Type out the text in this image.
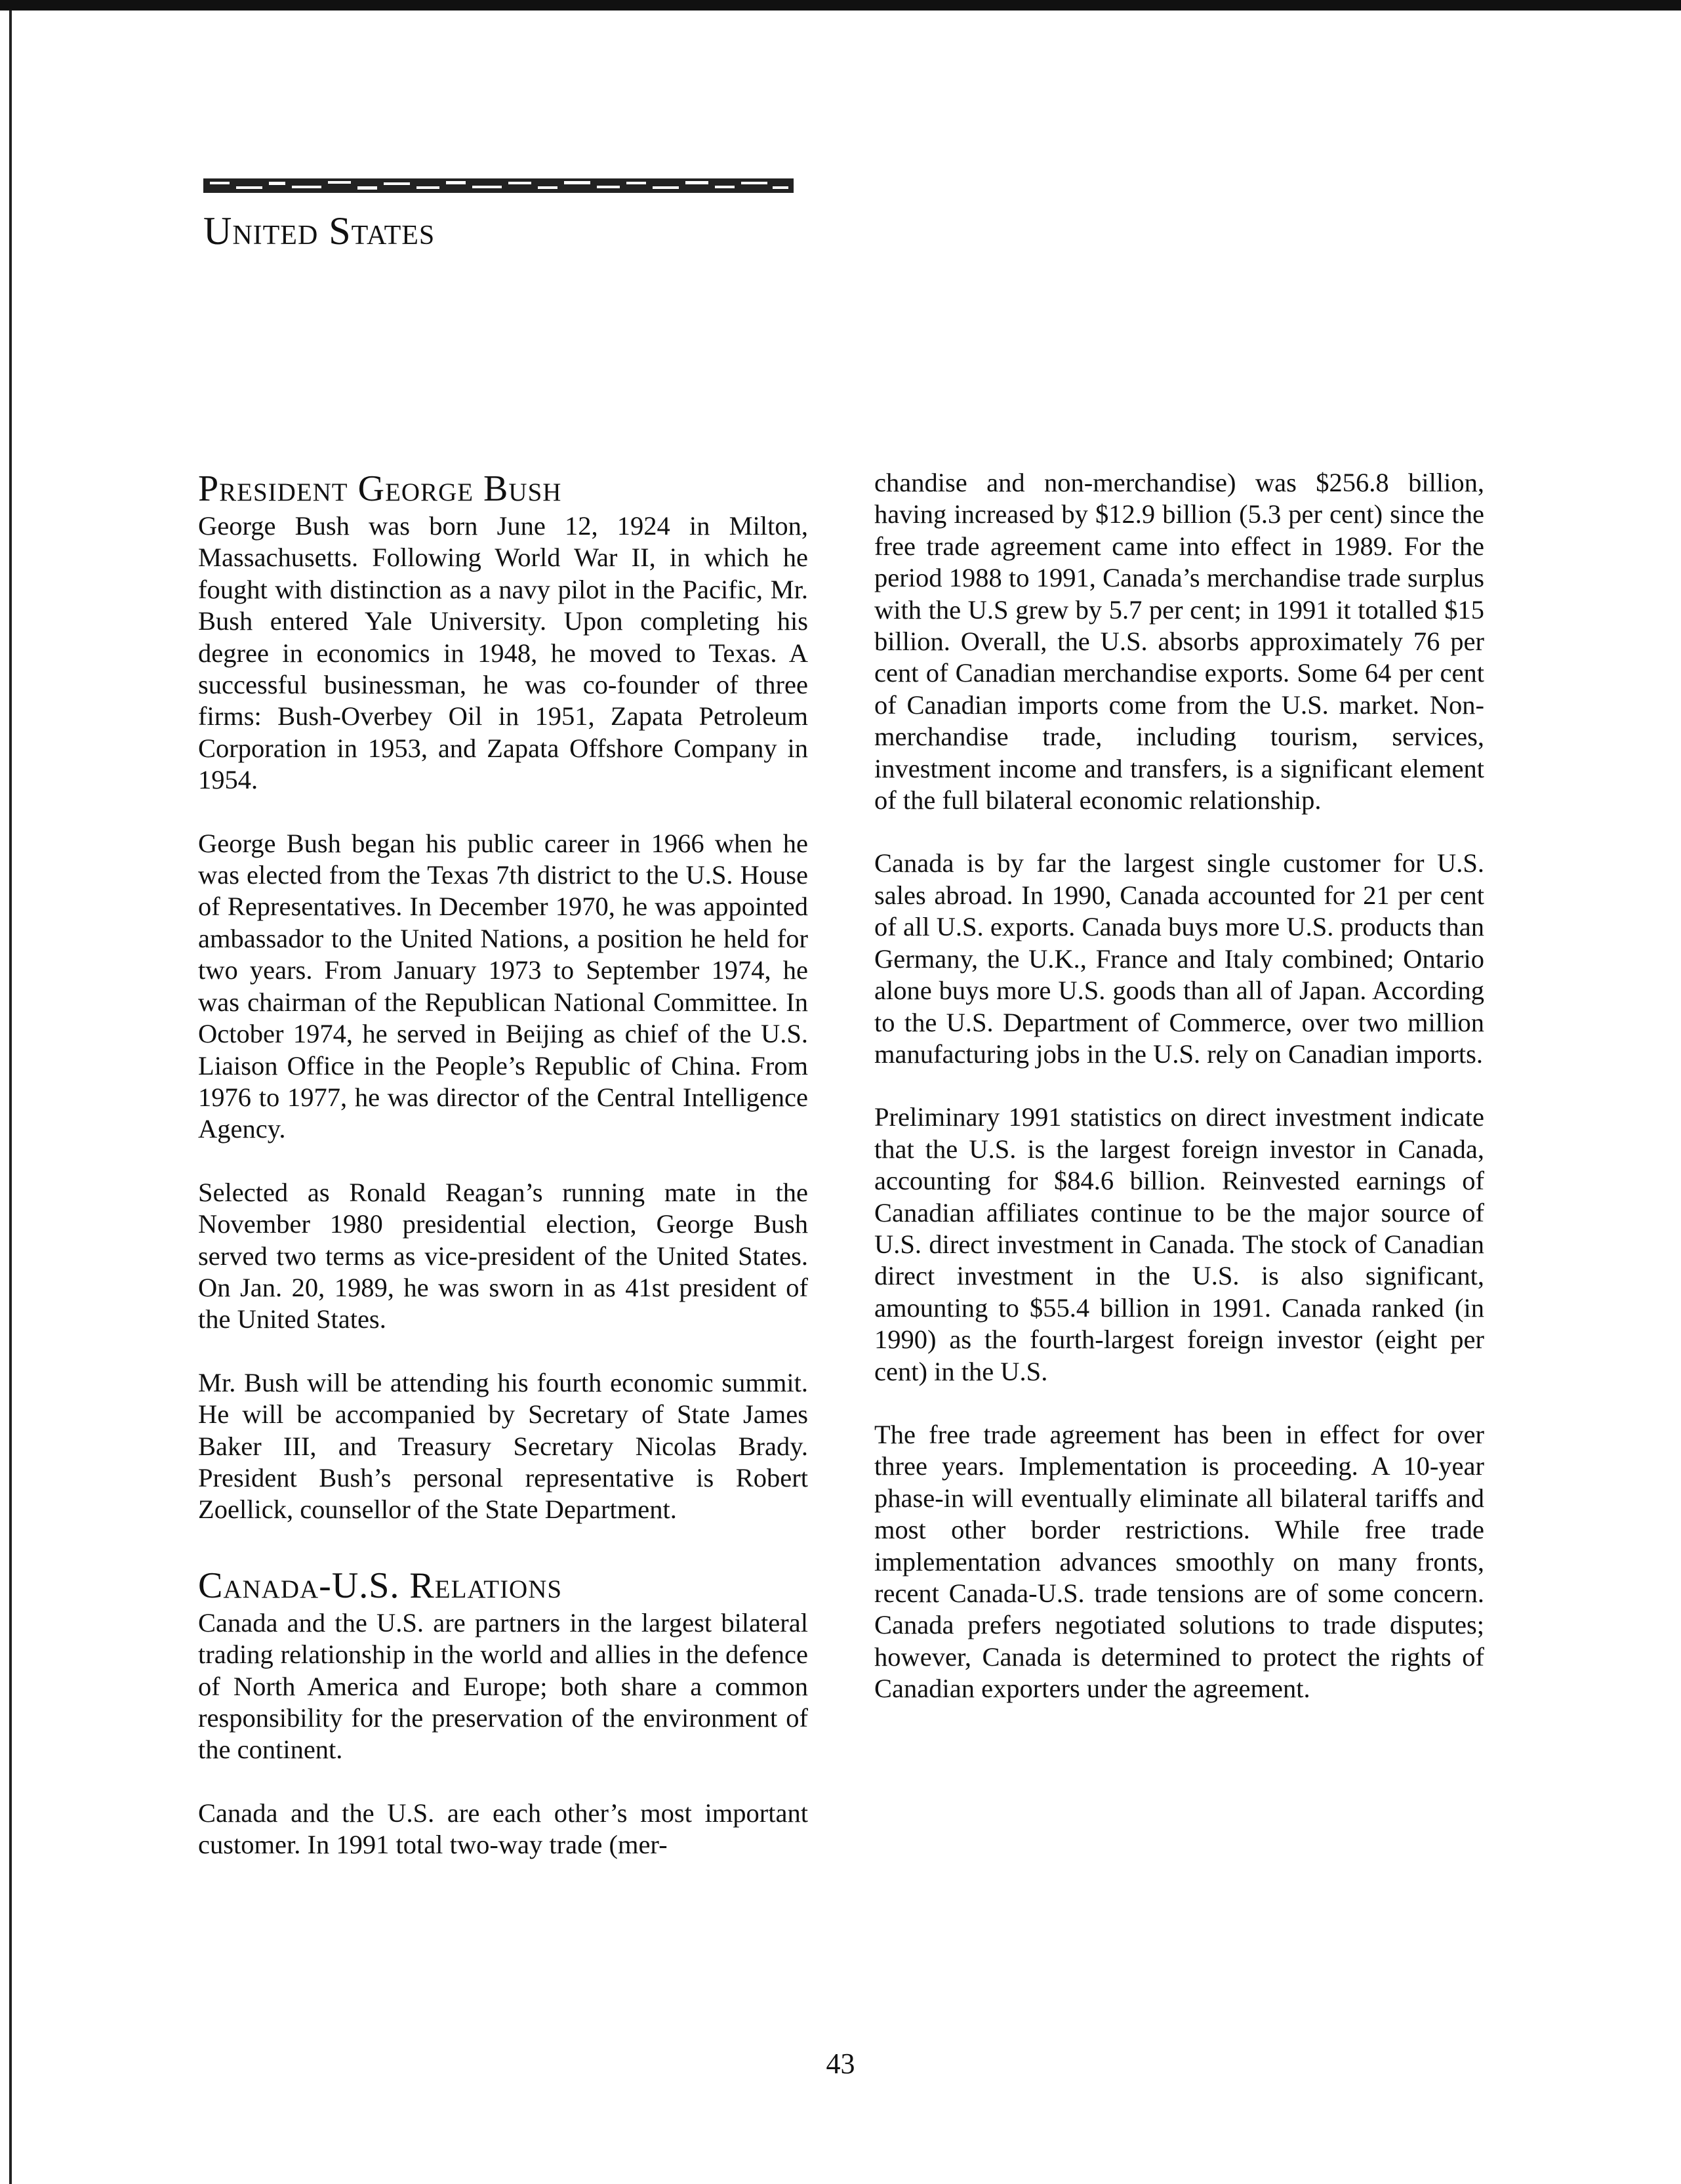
United States
President George Bush

George Bush was born June 12, 1924 in Milton, Massachusetts. Following World War II, in which he fought with distinction as a navy pilot in the Pacific, Mr. Bush entered Yale University. Upon completing his degree in economics in 1948, he moved to Texas. A successful businessman, he was co-founder of three firms: Bush-Overbey Oil in 1951, Zapata Petroleum Corporation in 1953, and Zapata Offshore Company in 1954.

George Bush began his public career in 1966 when he was elected from the Texas 7th district to the U.S. House of Representatives. In December 1970, he was appointed ambassador to the United Nations, a position he held for two years. From January 1973 to September 1974, he was chairman of the Republican National Committee. In October 1974, he served in Beijing as chief of the U.S. Liaison Office in the People’s Republic of China. From 1976 to 1977, he was director of the Central Intelligence Agency.

Selected as Ronald Reagan’s running mate in the November 1980 presidential election, George Bush served two terms as vice-president of the United States. On Jan. 20, 1989, he was sworn in as 41st president of the United States.

Mr. Bush will be attending his fourth economic summit. He will be accompanied by Secretary of State James Baker III, and Treasury Secretary Nicolas Brady. President Bush’s personal representative is Robert Zoellick, counsellor of the State Department.

Canada-U.S. Relations

Canada and the U.S. are partners in the largest bilateral trading relationship in the world and allies in the defence of North America and Europe; both share a common responsibility for the preservation of the environment of the continent.

Canada and the U.S. are each other’s most important customer. In 1991 total two-way trade (mer-

chandise and non-merchandise) was $256.8 billion, having increased by $12.9 billion (5.3 per cent) since the free trade agreement came into effect in 1989. For the period 1988 to 1991, Canada’s merchandise trade surplus with the U.S grew by 5.7 per cent; in 1991 it totalled $15 billion. Overall, the U.S. absorbs approximately 76 per cent of Canadian merchandise exports. Some 64 per cent of Canadian imports come from the U.S. market. Non-merchandise trade, including tourism, services, investment income and transfers, is a significant element of the full bilateral economic relationship.

Canada is by far the largest single customer for U.S. sales abroad. In 1990, Canada accounted for 21 per cent of all U.S. exports. Canada buys more U.S. products than Germany, the U.K., France and Italy combined; Ontario alone buys more U.S. goods than all of Japan. According to the U.S. Department of Commerce, over two million manufacturing jobs in the U.S. rely on Canadian imports.

Preliminary 1991 statistics on direct investment indicate that the U.S. is the largest foreign investor in Canada, accounting for $84.6 billion. Reinvested earnings of Canadian affiliates continue to be the major source of U.S. direct investment in Canada. The stock of Canadian direct investment in the U.S. is also significant, amounting to $55.4 billion in 1991. Canada ranked (in 1990) as the fourth-largest foreign investor (eight per cent) in the U.S.

The free trade agreement has been in effect for over three years. Implementation is proceeding. A 10-year phase-in will eventually eliminate all bilateral tariffs and most other border restrictions. While free trade implementation advances smoothly on many fronts, recent Canada-U.S. trade tensions are of some concern. Canada prefers negotiated solutions to trade disputes; however, Canada is determined to protect the rights of Canadian exporters under the agreement.

43
